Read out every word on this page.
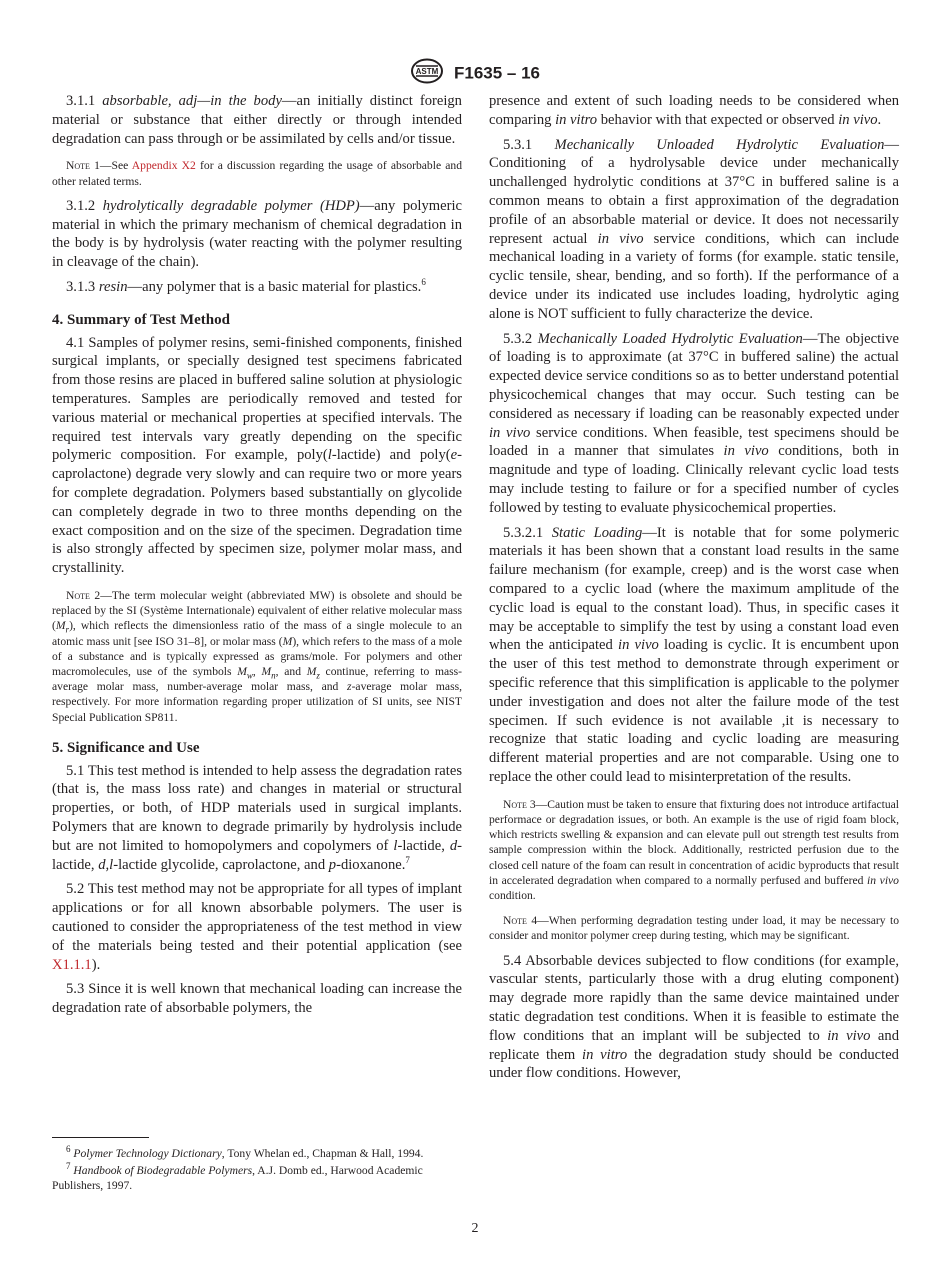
ASTM F1635 – 16

3.1.1 absorbable, adj—in the body—an initially distinct foreign material or substance that either directly or through intended degradation can pass through or be assimilated by cells and/or tissue.

Note 1—See Appendix X2 for a discussion regarding the usage of absorbable and other related terms.

3.1.2 hydrolytically degradable polymer (HDP)—any polymeric material in which the primary mechanism of chemical degradation in the body is by hydrolysis (water reacting with the polymer resulting in cleavage of the chain).

3.1.3 resin—any polymer that is a basic material for plastics.$^6$

4. Summary of Test Method

4.1 Samples of polymer resins, semi-finished components, finished surgical implants, or specially designed test specimens fabricated from those resins are placed in buffered saline solution at physiologic temperatures. Samples are periodically removed and tested for various material or mechanical properties at specified intervals. The required test intervals vary greatly depending on the specific polymeric composition. For example, poly(l-lactide) and poly(e-caprolactone) degrade very slowly and can require two or more years for complete degradation. Polymers based substantially on glycolide can completely degrade in two to three months depending on the exact composition and on the size of the specimen. Degradation time is also strongly affected by specimen size, polymer molar mass, and crystallinity.

Note 2—The term molecular weight (abbreviated MW) is obsolete and should be replaced by the SI (Système Internationale) equivalent of either relative molecular mass $(M_r)$, which reflects the dimensionless ratio of the mass of a single molecule to an atomic mass unit [see ISO 31–8], or molar mass (M), which refers to the mass of a mole of a substance and is typically expressed as grams/mole. For polymers and other macromolecules, use of the symbols $M_w$, $M_n$, and $M_z$ continue, referring to mass-average molar mass, number-average molar mass, and z-average molar mass, respectively. For more information regarding proper utilization of SI units, see NIST Special Publication SP811.
5. Significance and Use

5.1 This test method is intended to help assess the degradation rates (that is, the mass loss rate) and changes in material or structural properties, or both, of HDP materials used in surgical implants. Polymers that are known to degrade primarily by hydrolysis include but are not limited to homopolymers and copolymers of l-lactide, d-lactide, d,l-lactide glycolide, caprolactone, and p-dioxanone.$^7$

5.2 This test method may not be appropriate for all types of implant applications or for all known absorbable polymers. The user is cautioned to consider the appropriateness of the test method in view of the materials being tested and their potential application (see X1.1.1).

5.3 Since it is well known that mechanical loading can increase the degradation rate of absorbable polymers, the

$^6$ Polymer Technology Dictionary, Tony Whelan ed., Chapman & Hall, 1994.
$^7$ Handbook of Biodegradable Polymers, A.J. Domb ed., Harwood Academic Publishers, 1997.

presence and extent of such loading needs to be considered when comparing in vitro behavior with that expected or observed in vivo.

5.3.1 Mechanically Unloaded Hydrolytic Evaluation—Conditioning of a hydrolysable device under mechanically unchallenged hydrolytic conditions at 37°C in buffered saline is a common means to obtain a first approximation of the degradation profile of an absorbable material or device. It does not necessarily represent actual in vivo service conditions, which can include mechanical loading in a variety of forms (for example. static tensile, cyclic tensile, shear, bending, and so forth). If the performance of a device under its indicated use includes loading, hydrolytic aging alone is NOT sufficient to fully characterize the device.

5.3.2 Mechanically Loaded Hydrolytic Evaluation—The objective of loading is to approximate (at 37°C in buffered saline) the actual expected device service conditions so as to better understand potential physicochemical changes that may occur. Such testing can be considered as necessary if loading can be reasonably expected under in vivo service conditions. When feasible, test specimens should be loaded in a manner that simulates in vivo conditions, both in magnitude and type of loading. Clinically relevant cyclic load tests may include testing to failure or for a specified number of cycles followed by testing to evaluate physicochemical properties.

5.3.2.1 Static Loading—It is notable that for some polymeric materials it has been shown that a constant load results in the same failure mechanism (for example, creep) and is the worst case when compared to a cyclic load (where the maximum amplitude of the cyclic load is equal to the constant load). Thus, in specific cases it may be acceptable to simplify the test by using a constant load even when the anticipated in vivo loading is cyclic. It is encumbent upon the user of this test method to demonstrate through experiment or specific reference that this simplification is applicable to the polymer under investigation and does not alter the failure mode of the test specimen. If such evidence is not available ,it is necessary to recognize that static loading and cyclic loading are measuring different material properties and are not comparable. Using one to replace the other could lead to misinterpretation of the results.

Note 3—Caution must be taken to ensure that fixturing does not introduce artifactual performace or degradation issues, or both. An example is the use of rigid foam block, which restricts swelling & expansion and can elevate pull out strength test results from sample compression within the block. Additionally, restricted perfusion due to the closed cell nature of the foam can result in concentration of acidic byproducts that result in accelerated degradation when compared to a normally perfused and buffered in vivo condition.
Note 4—When performing degradation testing under load, it may be necessary to consider and monitor polymer creep during testing, which may be significant.

5.4 Absorbable devices subjected to flow conditions (for example, vascular stents, particularly those with a drug eluting component) may degrade more rapidly than the same device maintained under static degradation test conditions. When it is feasible to estimate the flow conditions that an implant will be subjected to in vivo and replicate them in vitro the degradation study should be conducted under flow conditions. However,

2
